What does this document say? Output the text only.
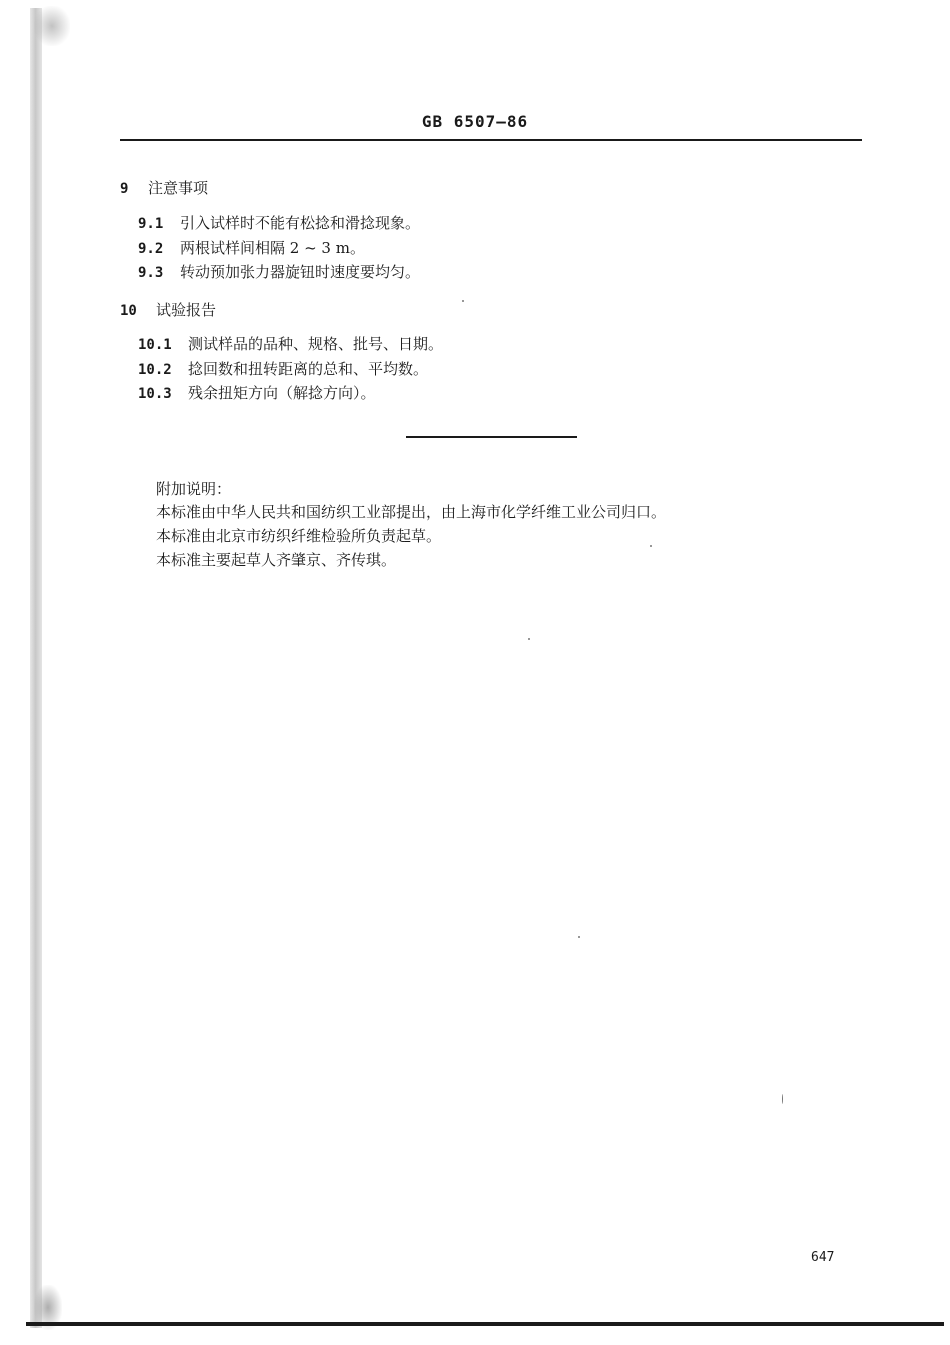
GB 6507—86
9 注意事项
9.1 引入试样时不能有松捻和滑捻现象。
9.2 两根试样间相隔 2 ~ 3 m。
9.3 转动预加张力器旋钮时速度要均匀。
10 试验报告
10.1 测试样品的品种、规格、批号、日期。
10.2 捻回数和扭转距离的总和、平均数。
10.3 残余扭矩方向（解捻方向）。
附加说明：
本标准由中华人民共和国纺织工业部提出，由上海市化学纤维工业公司归口。
本标准由北京市纺织纤维检验所负责起草。
本标准主要起草人齐肇京、齐传琪。
647
